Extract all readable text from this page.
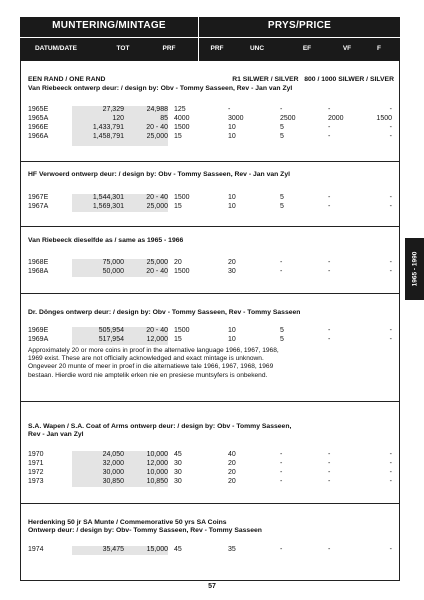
MUNTERING/MINTAGE	PRYS/PRICE
DATUM/DATE	TOT	PRF	PRF	UNC	EF	VF	F
EEN RAND / ONE RAND
Van Riebeeck ontwerp deur: / design by: Obv - Tommy Sasseen, Rev - Jan van Zyl
R1 SILWER / SILVER   800 / 1000 SILWER / SILVER
1965E	27,329	24,988 125	-	-	-	-
1965A	120	85 4000	3000	2500	2000	1500
1966E	1,433,791	20 - 40 1500	10	5	-	-
1966A	1,458,791	25,000 15	10	5	-	-
HF Verwoerd ontwerp deur: / design by: Obv - Tommy Sasseen, Rev - Jan van Zyl
1967E	1,544,301	20 - 40 1500	10	5	-	-
1967A	1,569,301	25,000 15	10	5	-	-
Van Riebeeck dieselfde as / same as 1965 - 1966
1968E	75,000	25,000 20	20	-	-	-
1968A	50,000	20 - 40 1500	30	-	-	-
Dr. Dönges ontwerp deur: / design by: Obv - Tommy Sasseen, Rev - Tommy Sasseen
1969E	505,954	20 - 40 1500	10	5	-	-
1969A	517,954	12,000 15	10	5	-	-
Approximately 20 or more coins in proof in the alternative language 1966, 1967, 1968,
1969 exist. These are not officially acknowledged and exact mintage is unknown.
Ongeveer 20 munte of meer in proef in die alternatiewe tale 1966, 1967, 1968, 1969
bestaan. Hierdie word nie amptelik erken nie en presiese muntsyfers is onbekend.
S.A. Wapen / S.A. Coat of Arms ontwerp deur: / design by: Obv - Tommy Sasseen,
Rev - Jan van Zyl
1970	24,050	10,000 45	40	-	-	-
1971	32,000	12,000 30	20	-	-	-
1972	30,000	10,000 30	20	-	-	-
1973	30,850	10,850 30	20	-	-	-
Herdenking 50 jr SA Munte / Commemorative 50 yrs SA Coins
Ontwerp deur: / design by: Obv- Tommy Sasseen, Rev - Tommy Sasseen
1974	35,475	15,000 45	35	-	-	-
1965 - 1990
57
